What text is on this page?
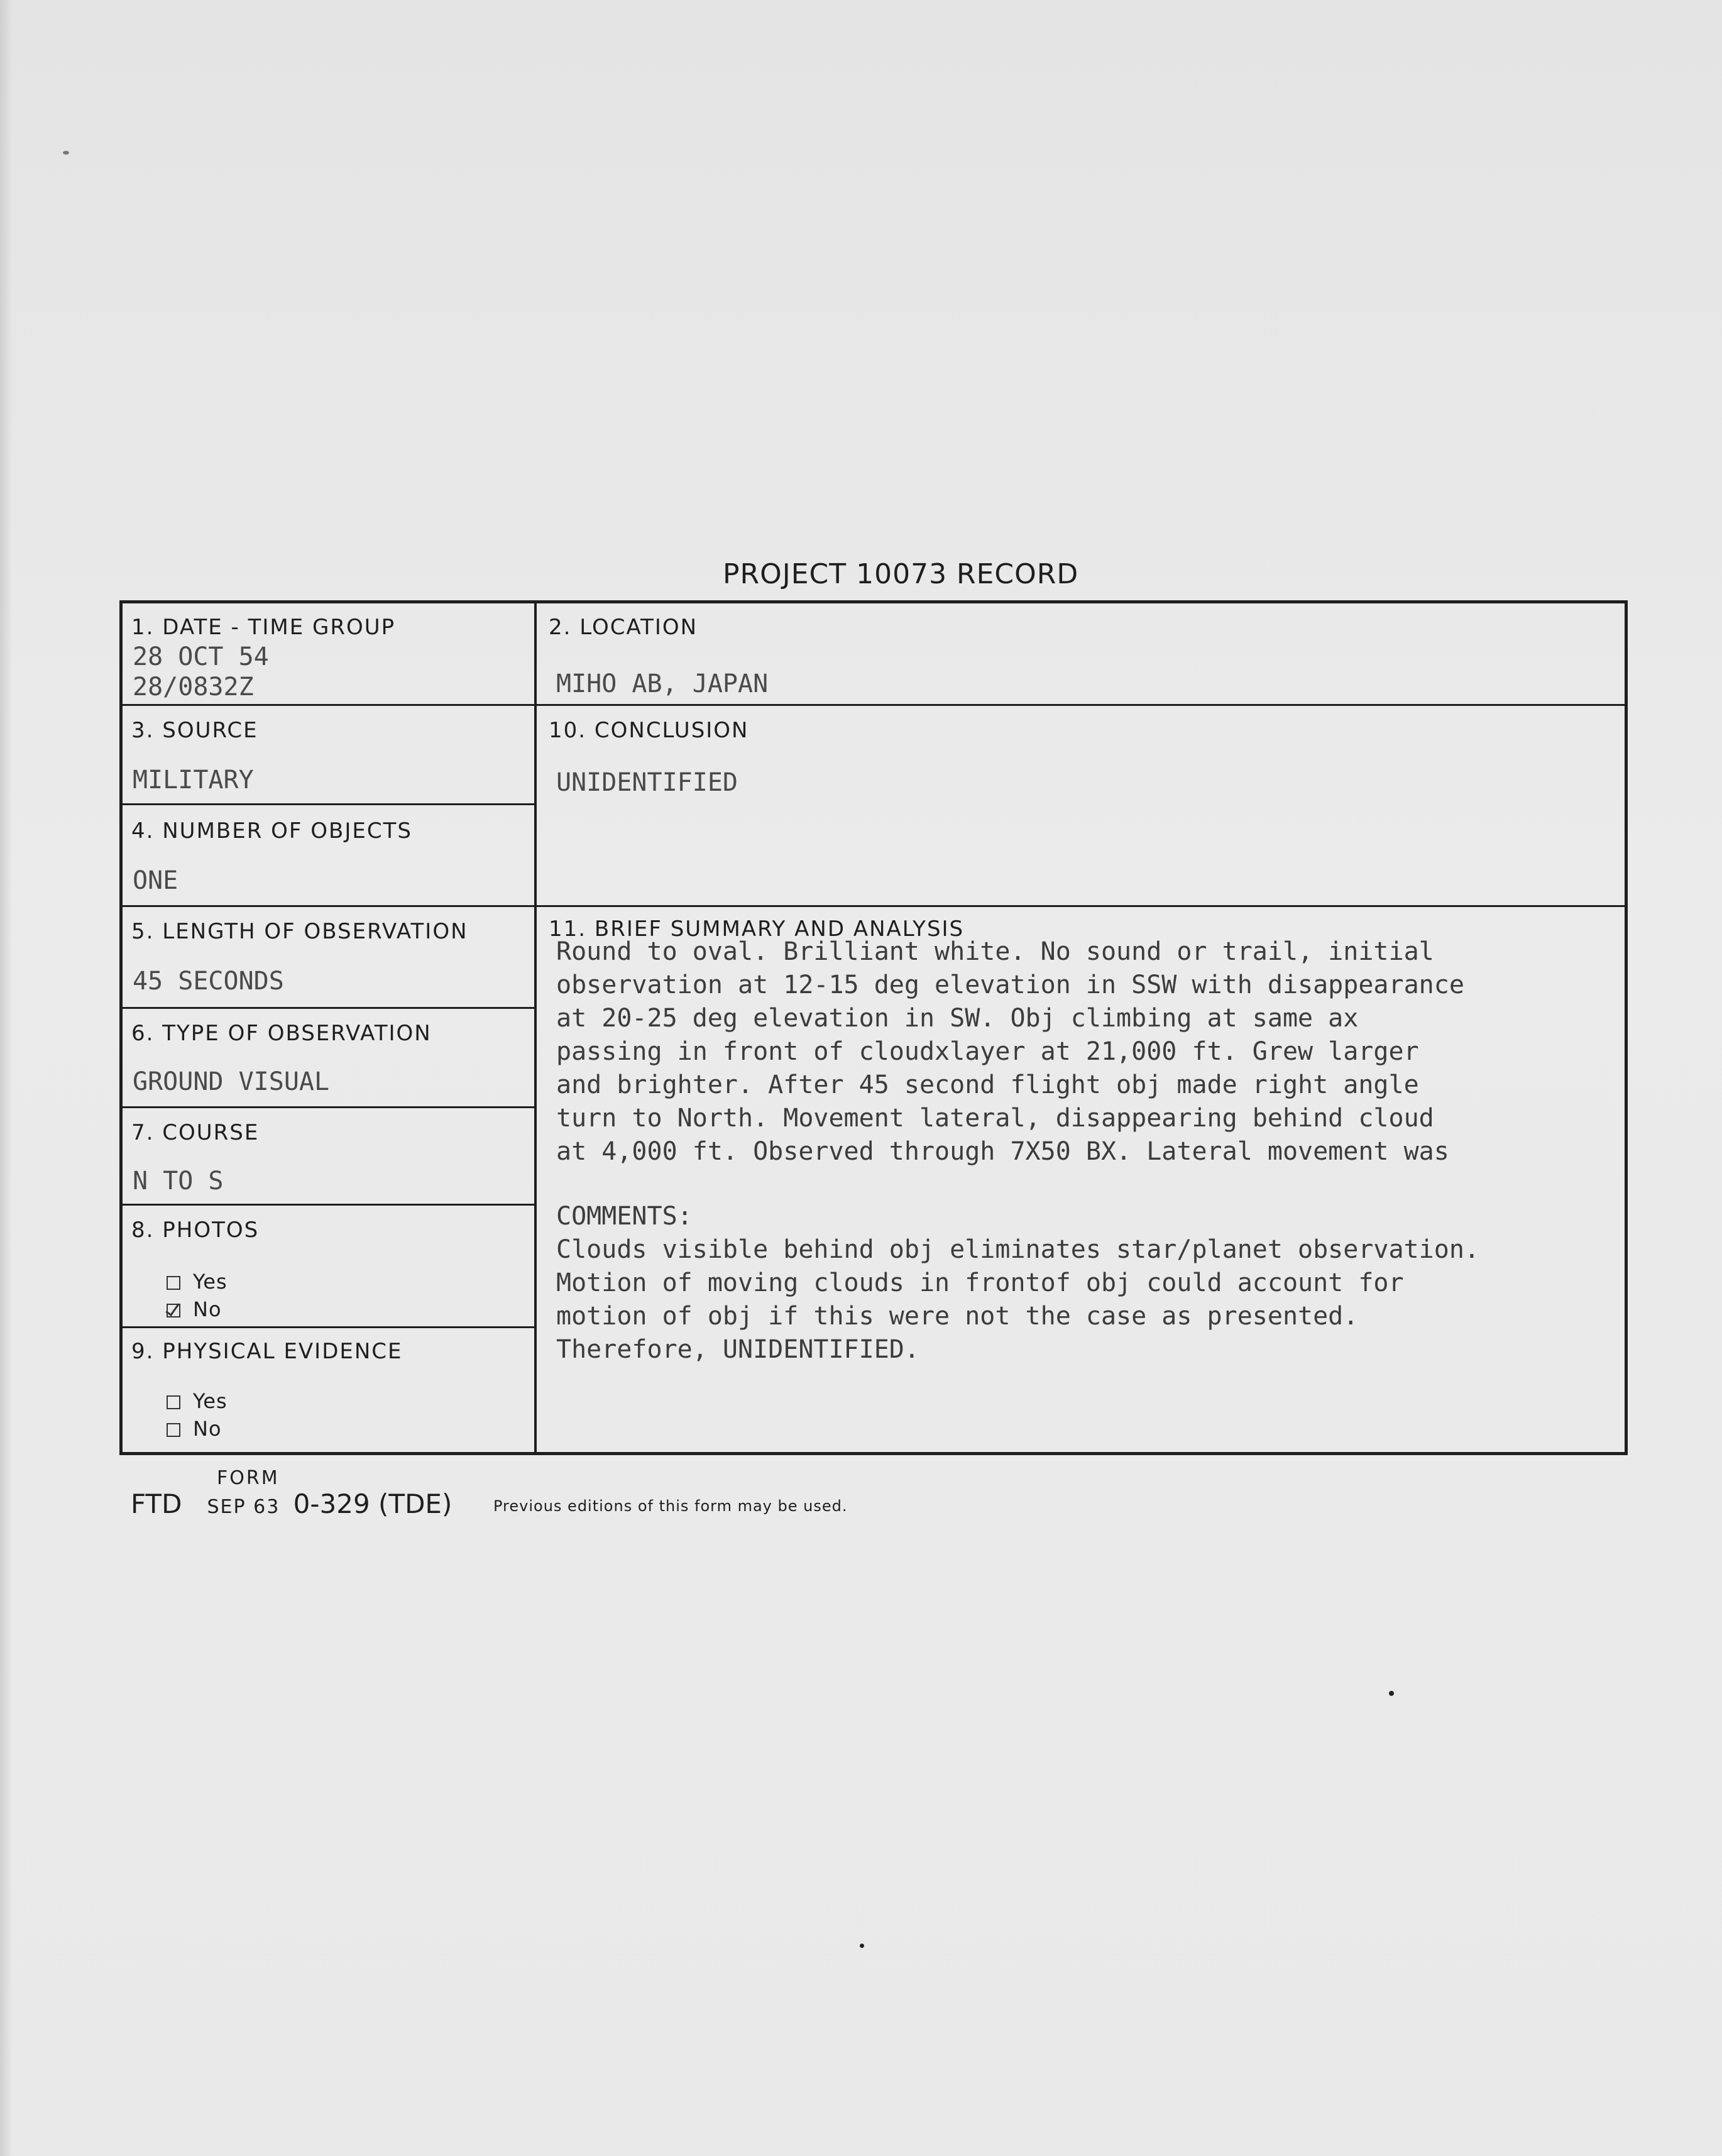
PROJECT 10073 RECORD
1. DATE - TIME GROUP
28 OCT 54
28/0832Z
2. LOCATION
MIHO AB, JAPAN
3. SOURCE
MILITARY
10. CONCLUSION
UNIDENTIFIED
4. NUMBER OF OBJECTS
ONE
5. LENGTH OF OBSERVATION
45 SECONDS
6. TYPE OF OBSERVATION
GROUND VISUAL
7. COURSE
N TO S
8. PHOTOS
Yes
No
9. PHYSICAL EVIDENCE
Yes
No
11. BRIEF SUMMARY AND ANALYSIS
Round to oval. Brilliant white. No sound or trail, initial
observation at 12-15 deg elevation in SSW with disappearance
at 20-25 deg elevation in SW. Obj climbing at same ax
passing in front of cloudxlayer at 21,000 ft. Grew larger
and brighter. After 45 second flight obj made right angle
turn to North. Movement lateral, disappearing behind cloud
at 4,000 ft. Observed through 7X50 BX. Lateral movement was
COMMENTS:
Clouds visible behind obj eliminates star/planet observation.
Motion of moving clouds in frontof obj could account for
motion of obj if this were not the case as presented.
Therefore, UNIDENTIFIED.
FORM
FTD SEP 63 0-329 (TDE)	Previous editions of this form may be used.
